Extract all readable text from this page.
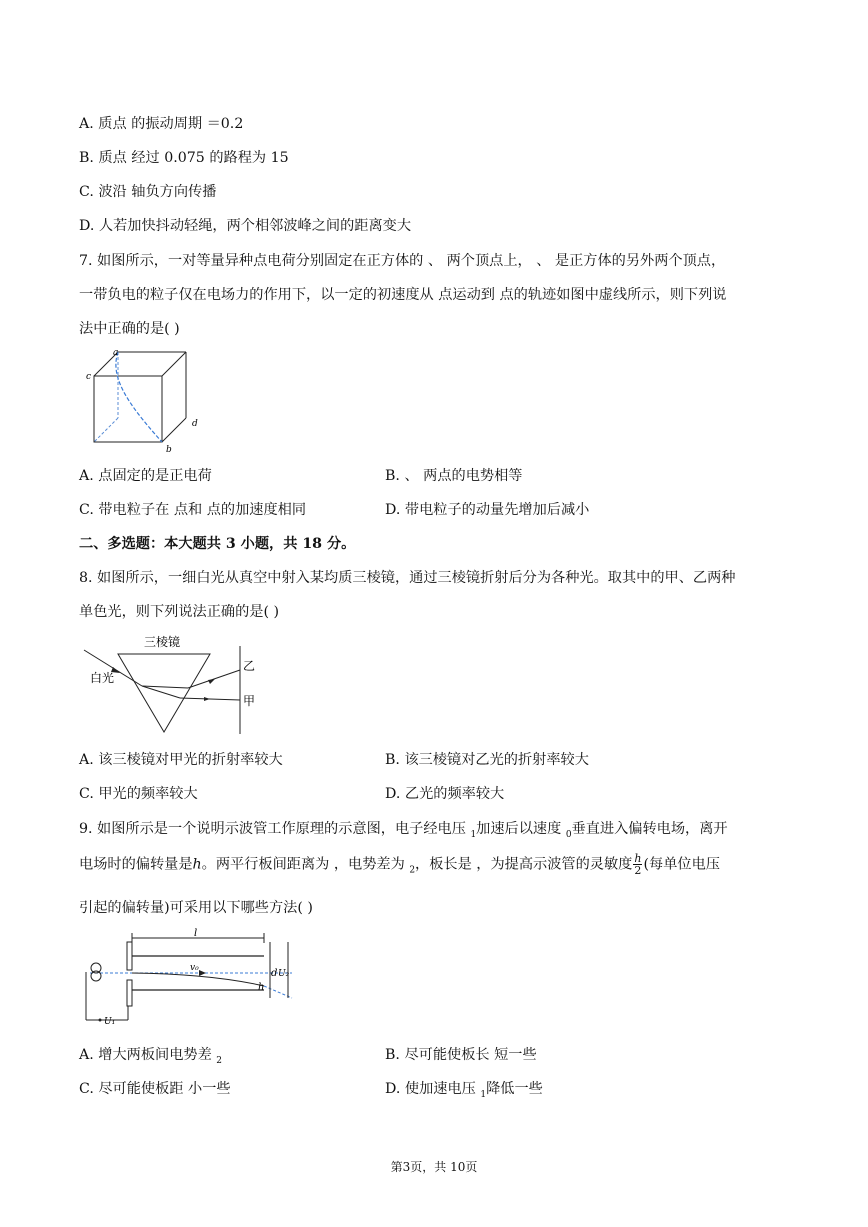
A. 质点 的振动周期 ＝0.2
B. 质点 经过 0.075 的路程为 15
C. 波沿 轴负方向传播
D. 人若加快抖动轻绳，两个相邻波峰之间的距离变大
7. 如图所示，一对等量异种点电荷分别固定在正方体的 、 两个顶点上， 、 是正方体的另外两个顶点，
一带负电的粒子仅在电场力的作用下，以一定的初速度从 点运动到 点的轨迹如图中虚线所示，则下列说
法中正确的是( )
a
c
d
b
A. 点固定的是正电荷	B. 、 两点的电势相等
C. 带电粒子在 点和 点的加速度相同	D. 带电粒子的动量先增加后减小
二、多选题：本大题共 3 小题，共 18 分。
8. 如图所示，一细白光从真空中射入某均质三棱镜，通过三棱镜折射后分为各种光。取其中的甲、乙两种
单色光，则下列说法正确的是( )
三棱镜
白光
乙
甲
A. 该三棱镜对甲光的折射率较大	B. 该三棱镜对乙光的折射率较大
C. 甲光的频率较大	D. 乙光的频率较大
9. 如图所示是一个说明示波管工作原理的示意图，电子经电压 $_1$加速后以速度 $_0$垂直进入偏转电场，离开
电场时的偏转量是h。两平行板间距离为 ，电势差为 $_2$，板长是 ，为提高示波管的灵敏度 $\frac{h}{2}$ (每单位电压
引起的偏转量)可采用以下哪些方法( )
l
v₀	d U₂
h
U₁
A. 增大两板间电势差 $_2$	B. 尽可能使板长 短一些
C. 尽可能使板距 小一些	D. 使加速电压 $_1$降低一些
第3页，共 10页
